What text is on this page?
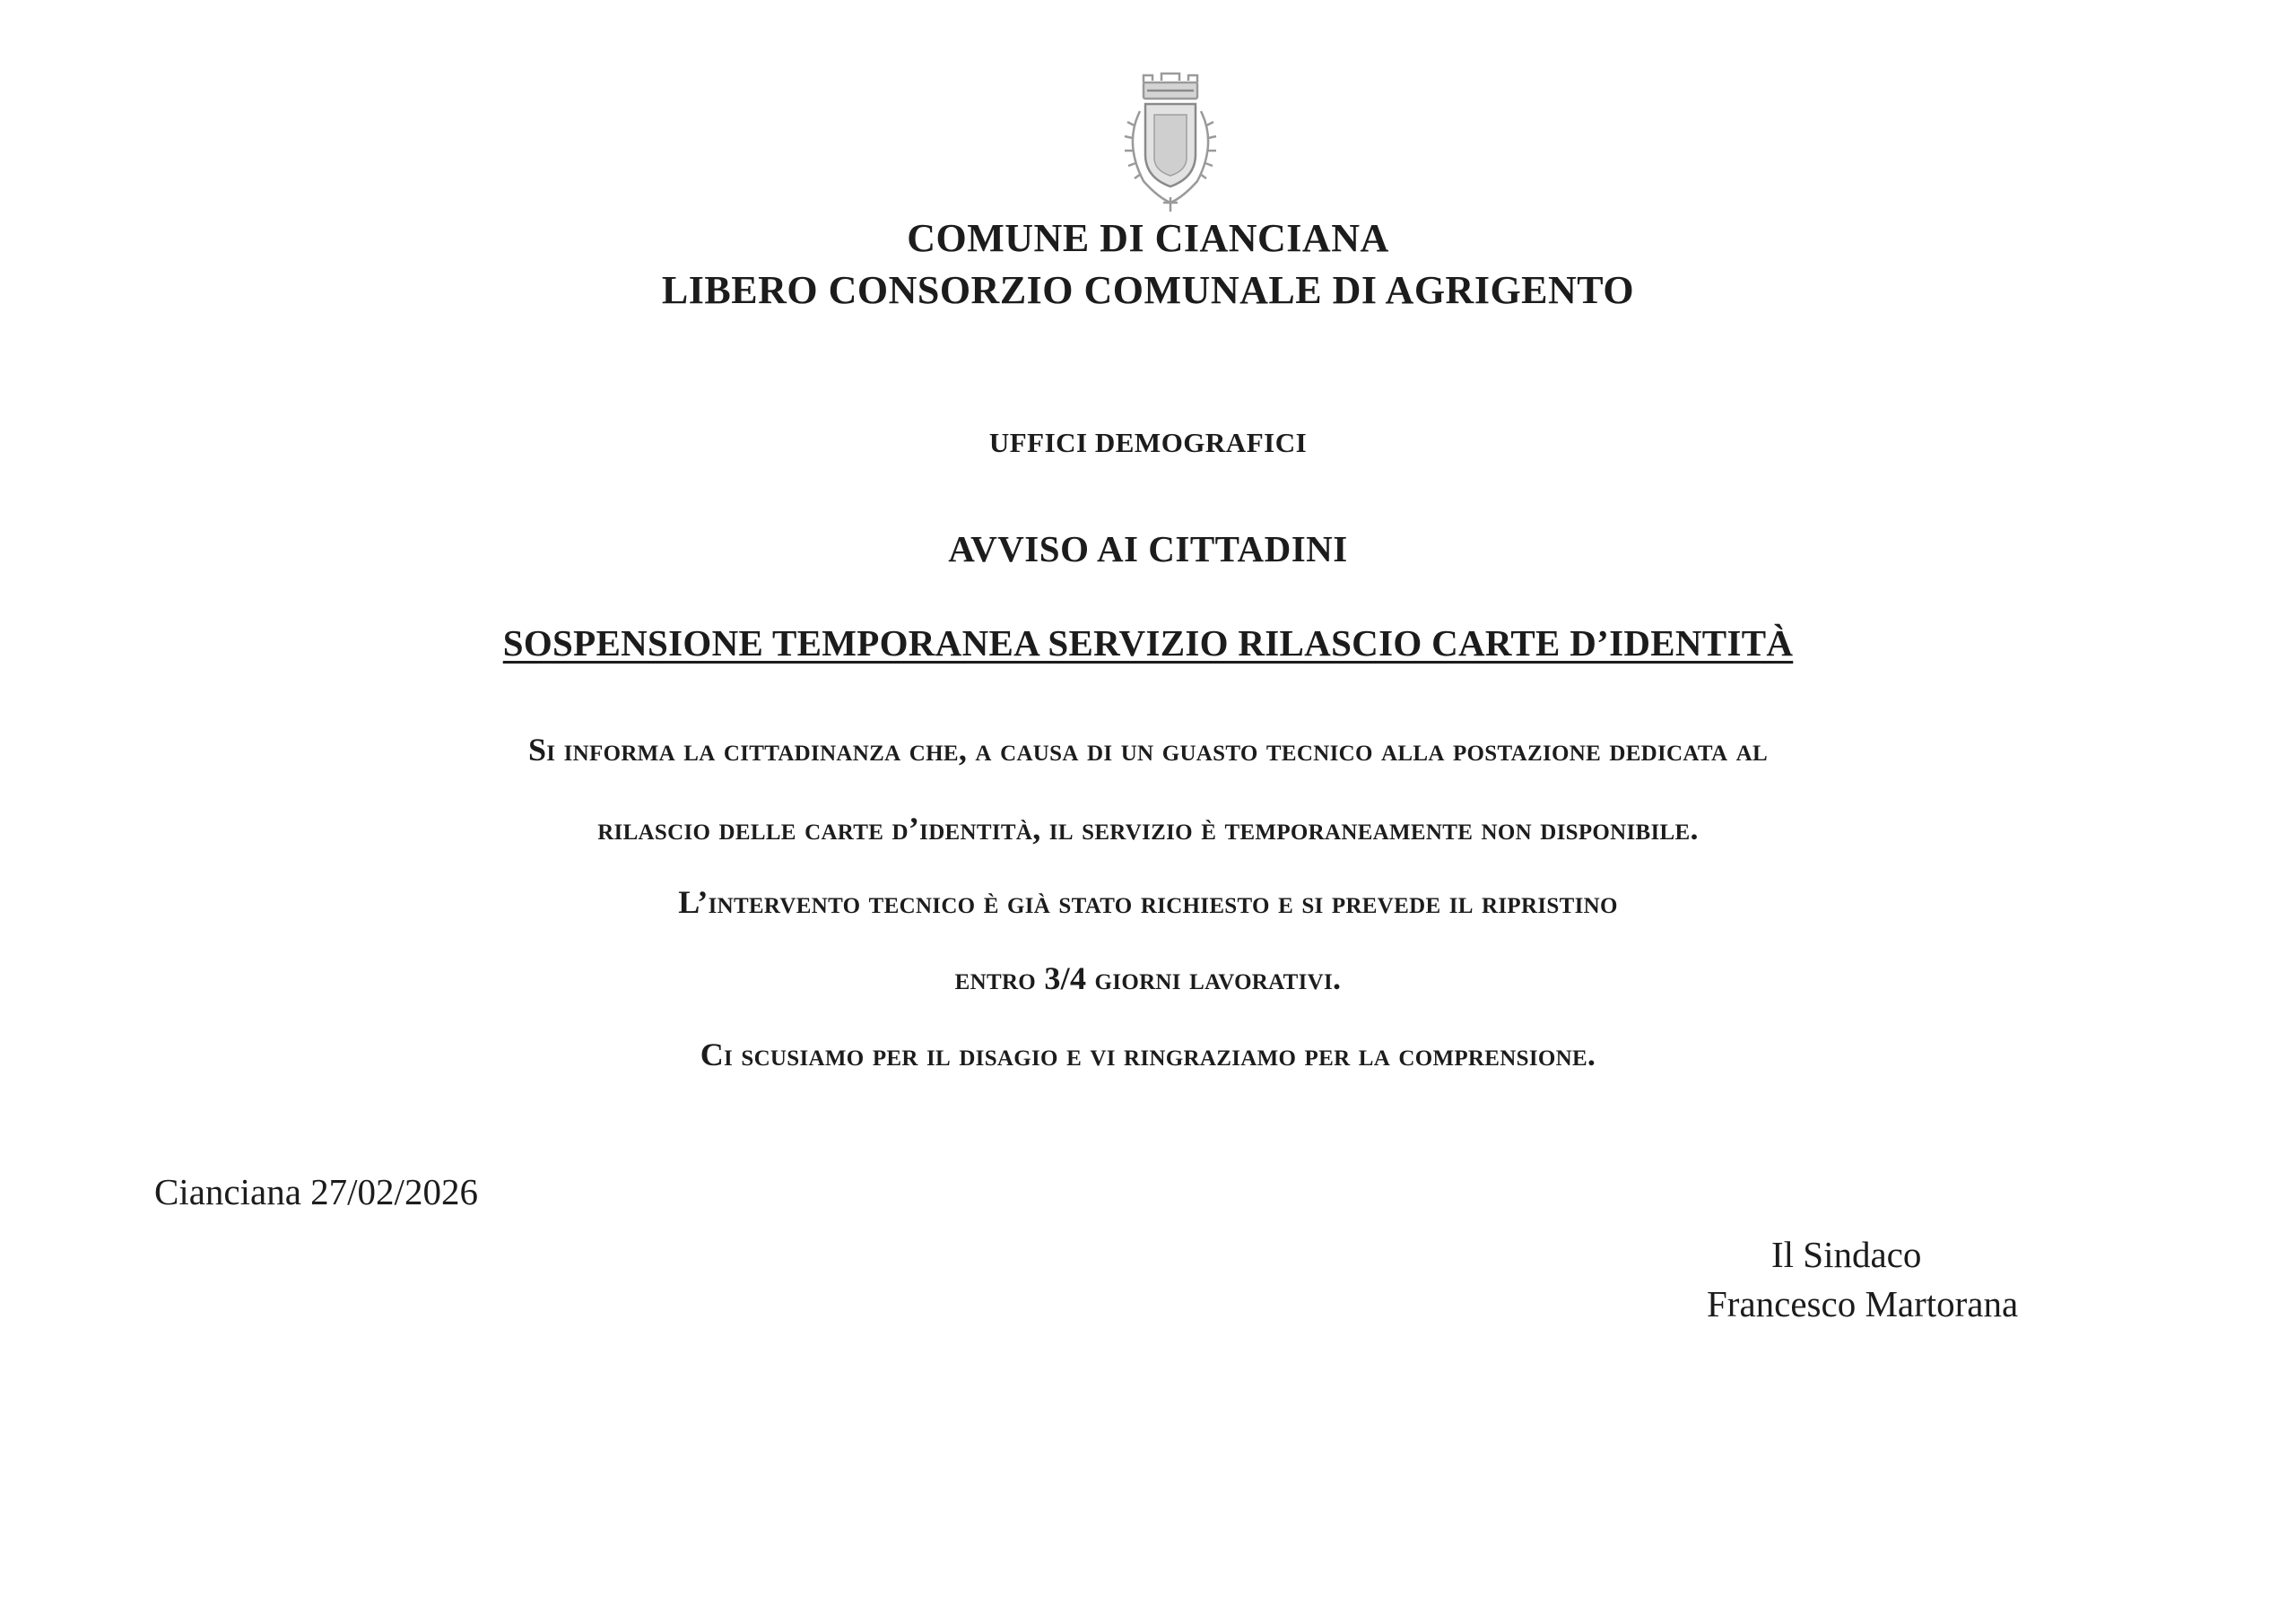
COMUNE DI CIANCIANA
LIBERO CONSORZIO COMUNALE DI AGRIGENTO
UFFICI DEMOGRAFICI
AVVISO AI CITTADINI
SOSPENSIONE TEMPORANEA SERVIZIO RILASCIO CARTE D’IDENTITÀ
Si informa la cittadinanza che, a causa di un guasto tecnico alla postazione dedicata al
rilascio delle carte d’identità, il servizio è temporaneamente non disponibile.
L’intervento tecnico è già stato richiesto e si prevede il ripristino
entro 3/4 giorni lavorativi.
Ci scusiamo per il disagio e vi ringraziamo per la comprensione.
Cianciana 27/02/2026
Il Sindaco
Francesco Martorana
